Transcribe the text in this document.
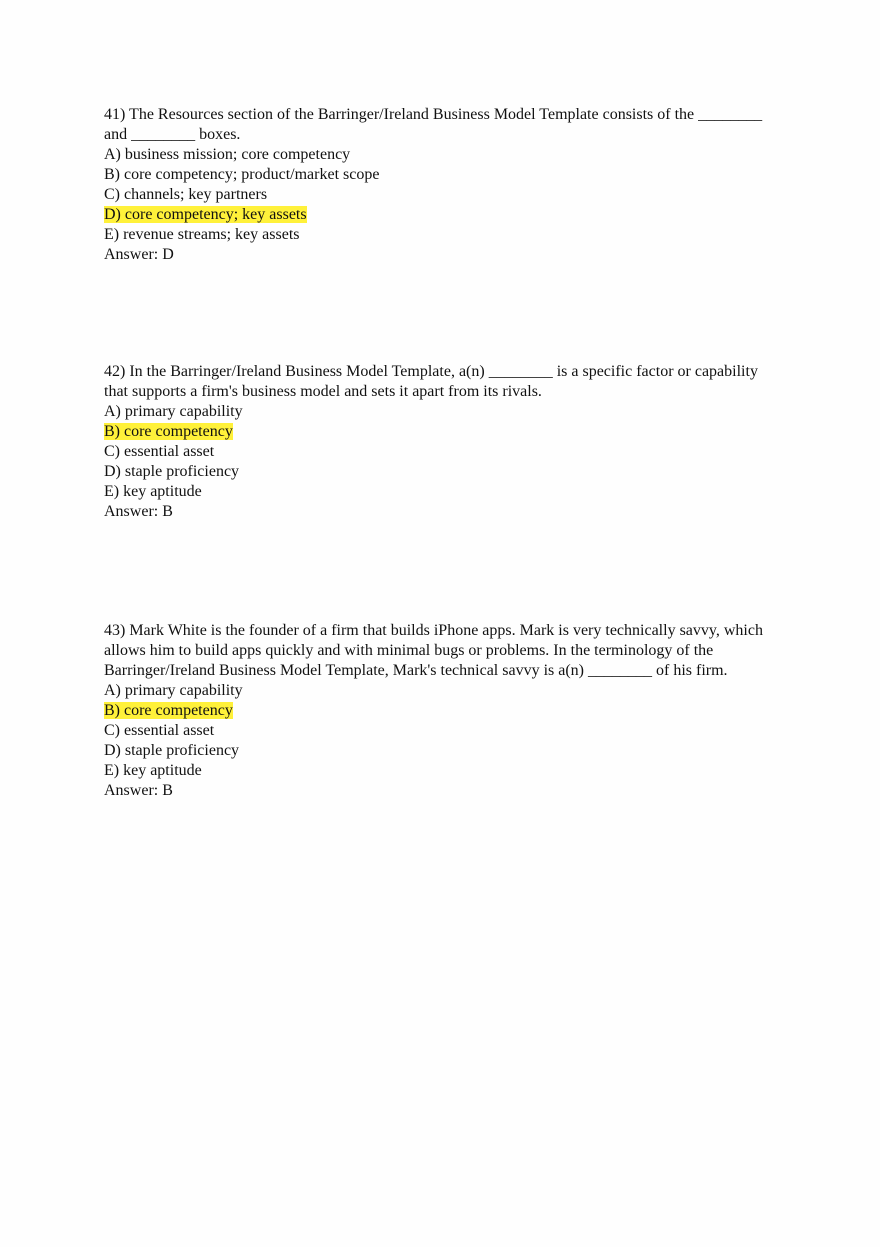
41) The Resources section of the Barringer/Ireland Business Model Template consists of the ________ and ________ boxes.

A) business mission; core competency
B) core competency; product/market scope
C) channels; key partners
D) core competency; key assets
E) revenue streams; key assets
Answer: D

42) In the Barringer/Ireland Business Model Template, a(n) ________ is a specific factor or capability that supports a firm's business model and sets it apart from its rivals.

A) primary capability
B) core competency
C) essential asset
D) staple proficiency
E) key aptitude
Answer: B

43) Mark White is the founder of a firm that builds iPhone apps. Mark is very technically savvy, which allows him to build apps quickly and with minimal bugs or problems. In the terminology of the Barringer/Ireland Business Model Template, Mark's technical savvy is a(n) ________ of his firm.

A) primary capability
B) core competency
C) essential asset
D) staple proficiency
E) key aptitude
Answer: B
